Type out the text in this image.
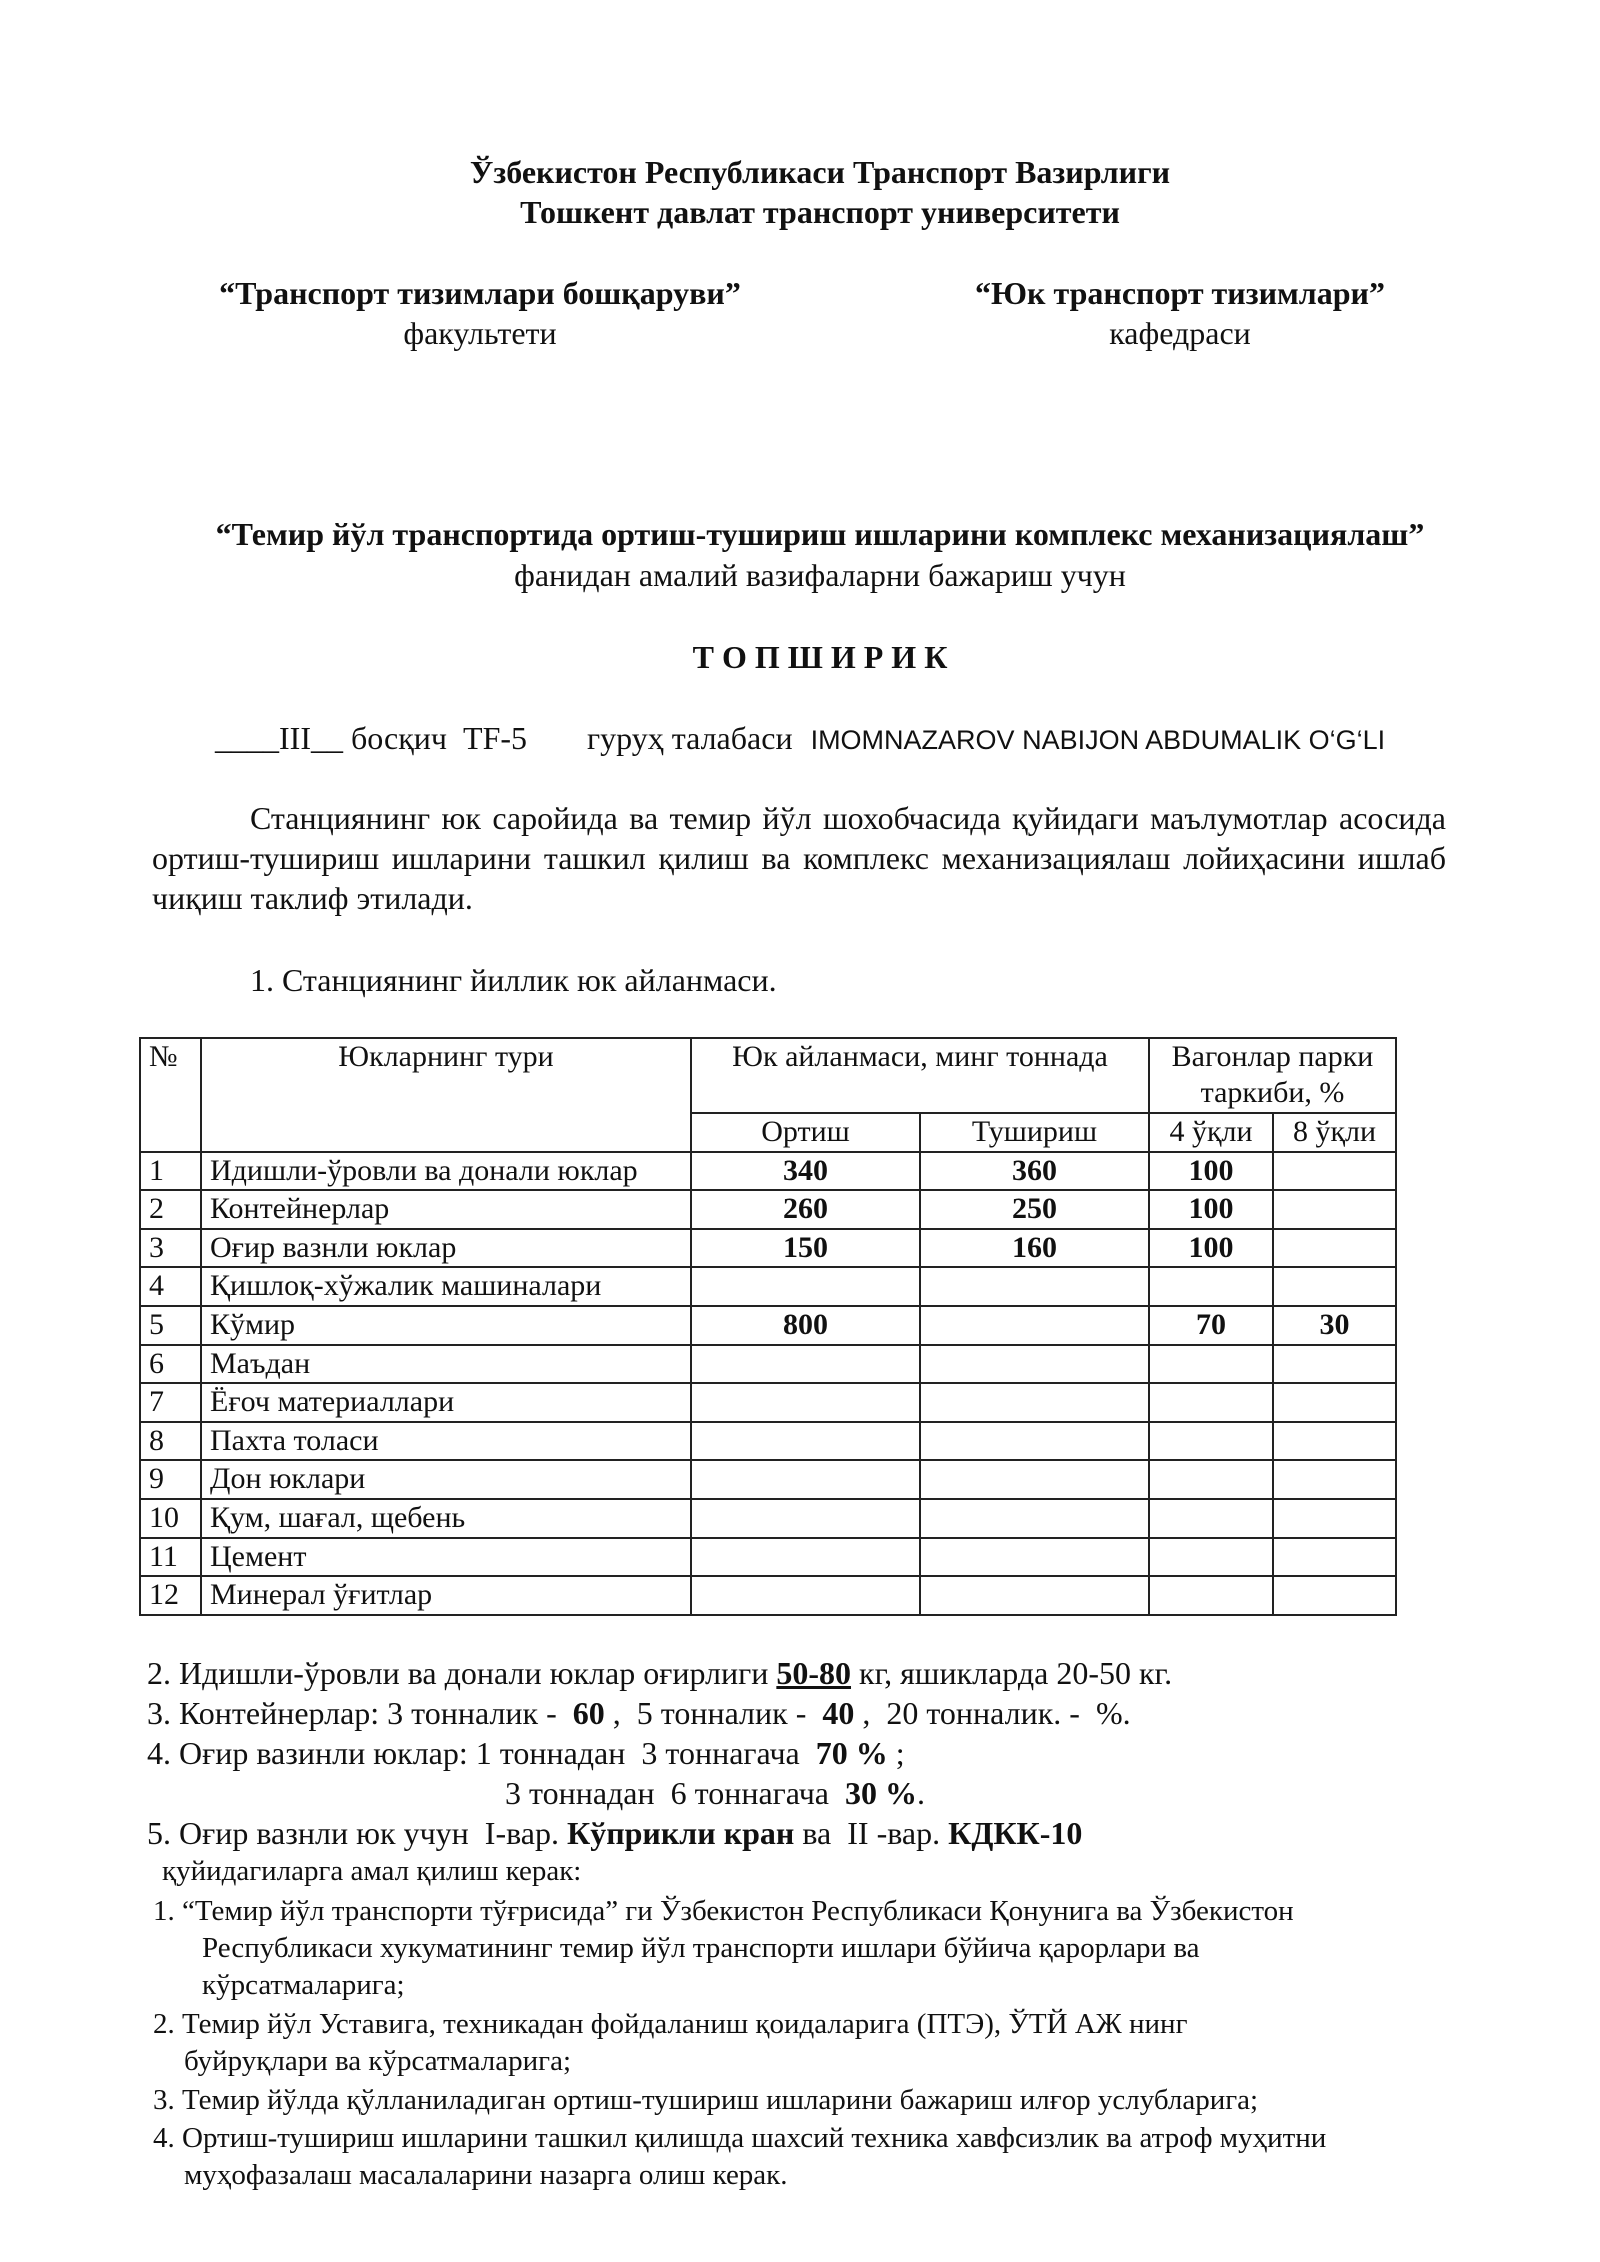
Ўзбекистон Республикаси Транспорт Вазирлиги
Тошкент давлат транспорт университети
“Транспорт тизимлари бошқаруви”
факультети
“Юк транспорт тизимлари”
кафедраси
“Темир йўл транспортида ортиш-тушириш ишларини комплекс механизациялаш”
фанидан амалий вазифаларни бажариш учун
Т О П Ш И Р И К
____III__ босқич TF-5 гуруҳ талабаси IMOMNAZAROV NABIJON ABDUMALIK O‘G‘LI
Станциянинг юк саройида ва темир йўл шохобчасида қуйидаги маълумотлар асосида ортиш-тушириш ишларини ташкил қилиш ва комплекс механизациялаш лойиҳасини ишлаб чиқиш таклиф этилади.
1. Станциянинг йиллик юк айланмаси.
№	Юкларнинг тури	Юк айланмаси, минг тоннада		Вагонлар парки таркиби, %	
		Ортиш	Тушириш	4 ўқли	8 ўқли
1	Идишли-ўровли ва донали юклар	340	360	100	
2	Контейнерлар	260	250	100	
3	Оғир вазнли юклар	150	160	100	
4	Қишлоқ-хўжалик машиналари				
5	Кўмир	800		70	30
6	Маъдан				
7	Ёғоч материаллари				
8	Пахта толаси				
9	Дон юклари				
10	Қум, шағал, щебень				
11	Цемент				
12	Минерал ўғитлар				
2. Идишли-ўровли ва донали юклар оғирлиги 50-80 кг, яшикларда 20-50 кг.
3. Контейнерлар: 3 тонналик -  60 ,  5 тонналик -  40 ,  20 тонналик. -  %.
4. Оғир вазинли юклар: 1 тоннадан  3 тоннагача  70 % ;
3 тоннадан  6 тоннагача  30 %.
5. Оғир вазнли юк учун  I-вар. Кўприкли кран ва  II -вар. КДКК-10
қуйидагиларга амал қилиш керак:
1. “Темир йўл транспорти тўғрисида” ги Ўзбекистон Республикаси Қонунига ва Ўзбекистон
Республикаси хукуматининг темир йўл транспорти ишлари бўйича қарорлари ва
кўрсатмаларига;
2. Темир йўл Уставига, техникадан фойдаланиш қоидаларига (ПТЭ), ЎТЙ АЖ нинг
буйруқлари ва кўрсатмаларига;
3. Темир йўлда қўлланиладиган ортиш-тушириш ишларини бажариш илғор услубларига;
4. Ортиш-тушириш ишларини ташкил қилишда шахсий техника хавфсизлик ва атроф муҳитни
муҳофазалаш масалаларини назарга олиш керак.
